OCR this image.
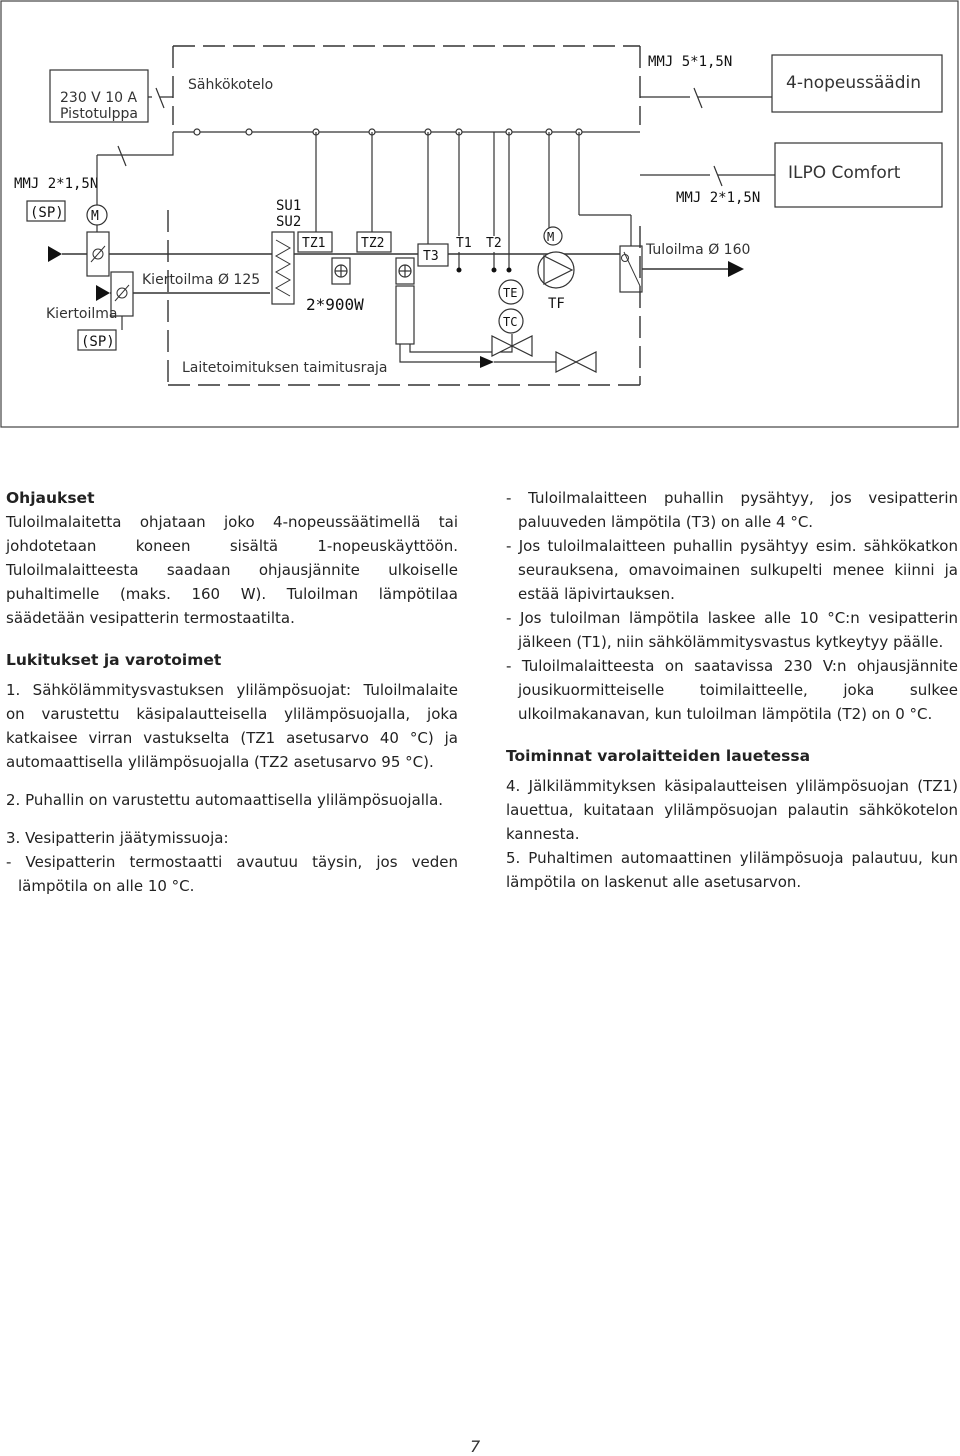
230 V 10 A
Pistotulppa
Sähkökotelo
MMJ 5*1,5N
4-nopeussäädin
ILPO Comfort
MMJ 2*1,5N
MMJ 2*1,5N
(SP) M
Kiertoilma Ø 125
Kiertoilma
(SP)
SU1
SU2
TZ1	TZ2
2*900W
T3
T1 T2
TE
TC
M
TF
Tuloilma Ø 160
Laitetoimituksen taimitusraja
Ohjaukset

Tuloilmalaitetta ohjataan joko 4-nopeussäätimellä tai johdotetaan koneen sisältä 1-nopeuskäyttöön. Tuloilmalaitteesta saadaan ohjausjännite ulkoiselle puhaltimelle (maks. 160 W). Tuloilman lämpötilaa säädetään vesipatterin termostaatilta.

Lukitukset ja varotoimet

1. Sähkölämmitysvastuksen ylilämpösuojat: Tuloilmalaite on varustettu käsipalautteisella ylilämpösuojalla, joka katkaisee virran vastukselta (TZ1 asetusarvo 40 °C) ja automaattisella ylilämpösuojalla (TZ2 asetusarvo 95 °C).

2. Puhallin on varustettu automaattisella ylilämpösuojalla.

3. Vesipatterin jäätymissuoja:

- Vesipatterin termostaatti avautuu täysin, jos veden lämpötila on alle 10 °C.

- Tuloilmalaitteen puhallin pysähtyy, jos vesipatterin paluuveden lämpötila (T3) on alle 4 °C.

- Jos tuloilmalaitteen puhallin pysähtyy esim. sähkökatkon seurauksena, omavoimainen sulkupelti menee kiinni ja estää läpivirtauksen.

- Jos tuloilman lämpötila laskee alle 10 °C:n vesipatterin jälkeen (T1), niin sähkölämmitysvastus kytkeytyy päälle.

- Tuloilmalaitteesta on saatavissa 230 V:n ohjausjännite jousikuormitteiselle toimilaitteelle, joka sulkee ulkoilmakanavan, kun tuloilman lämpötila (T2) on 0 °C.

Toiminnat varolaitteiden lauetessa

4. Jälkilämmityksen käsipalautteisen ylilämpösuojan (TZ1) lauettua, kuitataan ylilämpösuojan palautin sähkökotelon kannesta.

5. Puhaltimen automaattinen ylilämpösuoja palautuu, kun lämpötila on laskenut alle asetusarvon.

7
